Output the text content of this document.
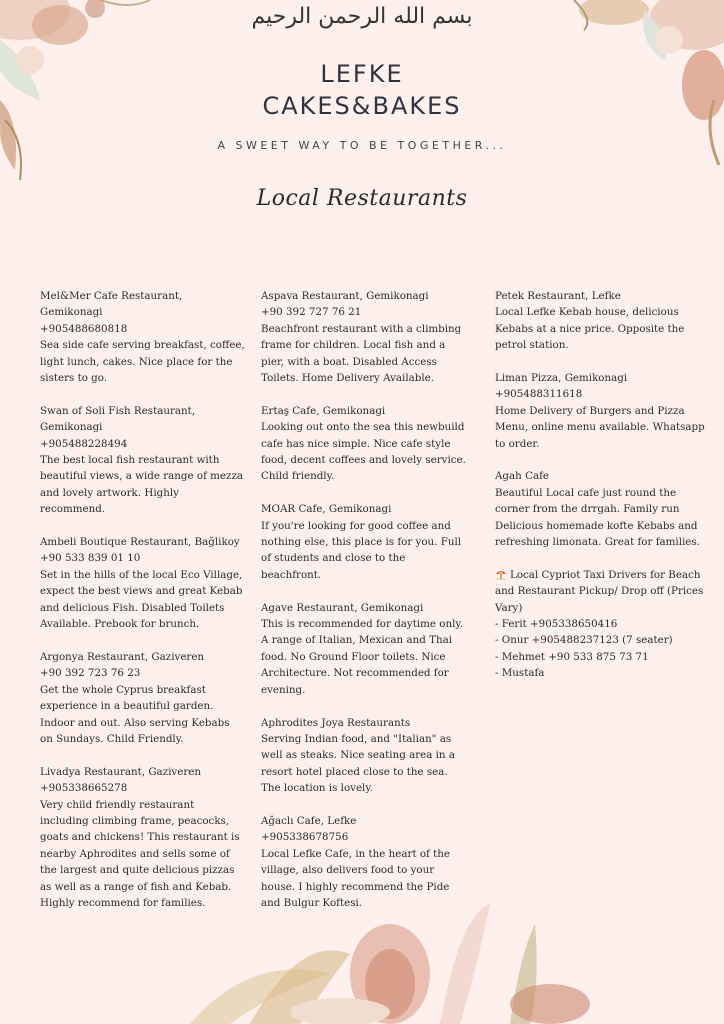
بسم الله الرحمن الرحيم
LEFKE
CAKES&BAKES
A SWEET WAY TO BE TOGETHER...
Local Restaurants
Mel&Mer Cafe Restaurant, Gemikonagi
+905488680818
Sea side cafe serving breakfast, coffee, light lunch, cakes. Nice place for the sisters to go.
Swan of Soli Fish Restaurant, Gemikonagi
+905488228494
The best local fish restaurant with beautiful views, a wide range of mezza and lovely artwork. Highly recommend.
Ambeli Boutique Restaurant, Bağlikoy
+90 533 839 01 10
Set in the hills of the local Eco Village, expect the best views and great Kebab and delicious Fish. Disabled Toilets Available. Prebook for brunch.
Argonya Restaurant, Gaziveren
+90 392 723 76 23
Get the whole Cyprus breakfast experience in a beautiful garden. Indoor and out. Also serving Kebabs on Sundays. Child Friendly.
Livadya Restaurant, Gaziveren
+905338665278
Very child friendly restaurant including climbing frame, peacocks, goats and chickens! This restaurant is nearby Aphrodites and sells some of the largest and quite delicious pizzas as well as a range of fish and Kebab. Highly recommend for families.
Aspava Restaurant, Gemikonagi
+90 392 727 76 21
Beachfront restaurant with a climbing frame for children. Local fish and a pier, with a boat. Disabled Access Toilets. Home Delivery Available.
Ertaş Cafe, Gemikonagi
Looking out onto the sea this newbuild cafe has nice simple. Nice cafe style food, decent coffees and lovely service. Child friendly.
MOAR Cafe, Gemikonagi
If you're looking for good coffee and nothing else, this place is for you. Full of students and close to the beachfront.
Agave Restaurant, Gemikonagi
This is recommended for daytime only. A range of Italian, Mexican and Thai food. No Ground Floor toilets. Nice Architecture. Not recommended for evening.
Aphrodites Joya Restaurants
Serving Indian food, and "Italian" as well as steaks. Nice seating area in a resort hotel placed close to the sea. The location is lovely.
Ağaclı Cafe, Lefke
+905338678756
Local Lefke Cafe, in the heart of the village, also delivers food to your house. I highly recommend the Pide and Bulgur Koftesi.
Petek Restaurant, Lefke
Local Lefke Kebab house, delicious Kebabs at a nice price. Opposite the petrol station.
Liman Pizza, Gemikonagi
+905488311618
Home Delivery of Burgers and Pizza Menu, online menu available. Whatsapp to order.
Agah Cafe
Beautiful Local cafe just round the corner from the drrgah. Family run Delicious homemade kofte Kebabs and refreshing limonata. Great for families.
Local Cypriot Taxi Drivers for Beach and Restaurant Pickup/ Drop off (Prices Vary)
- Ferit +905338650416
- Onur +905488237123 (7 seater)
- Mehmet +90 533 875 73 71
- Mustafa
